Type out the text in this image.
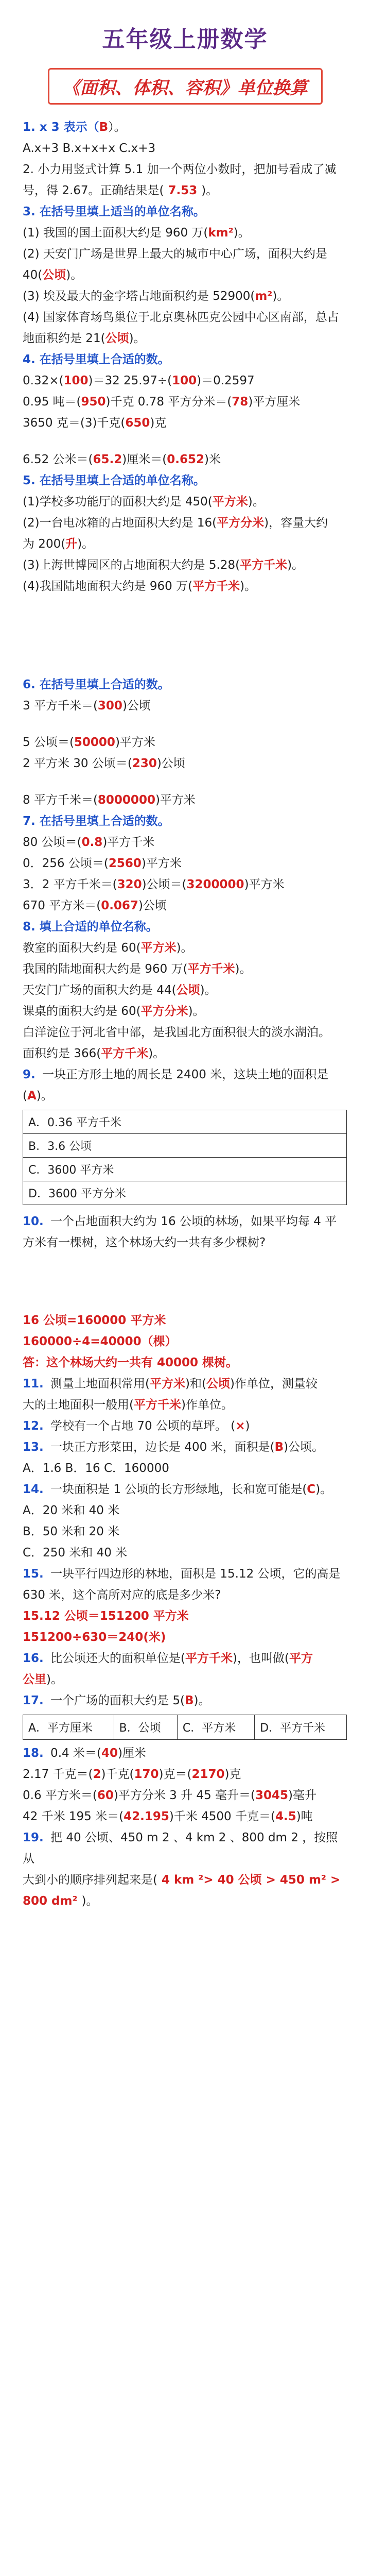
五年级上册数学
《面积、体积、容积》单位换算

1. x 3 表示（B）。

A.x+3 B.x+x+x C.x+3

2. 小力用竖式计算 5.1 加一个两位小数时，把加号看成了减

号，得 2.67。正确结果是( 7.53 )。

3. 在括号里填上适当的单位名称。

(1) 我国的国土面积大约是 960 万(km²)。

(2) 天安门广场是世界上最大的城市中心广场，面积大约是

40(公顷)。

(3) 埃及最大的金字塔占地面积约是 52900(m²)。

(4) 国家体育场鸟巢位于北京奥林匹克公园中心区南部，总占

地面积约是 21(公顷)。

4. 在括号里填上合适的数。

0.32×(100)＝32 25.97÷(100)＝0.2597

0.95 吨＝(950)千克 0.78 平方分米＝(78)平方厘米

3650 克＝(3)千克(650)克

6.52 公米＝(65.2)厘米＝(0.652)米

5. 在括号里填上合适的单位名称。

(1)学校多功能厅的面积大约是 450(平方米)。

(2)一台电冰箱的占地面积大约是 16(平方分米)，容量大约

为 200(升)。

(3)上海世博园区的占地面积大约是 5.28(平方千米)。

(4)我国陆地面积大约是 960 万(平方千米)。

6. 在括号里填上合适的数。

3 平方千米＝(300)公顷

5 公顷＝(50000)平方米

2 平方米 30 公顷＝(230)公顷

8 平方千米＝(8000000)平方米

7. 在括号里填上合适的数。

80 公顷＝(0.8)平方千米

0．256 公顷＝(2560)平方米

3．2 平方千米＝(320)公顷＝(3200000)平方米

670 平方米＝(0.067)公顷

8. 填上合适的单位名称。

教室的面积大约是 60(平方米)。

我国的陆地面积大约是 960 万(平方千米)。

天安门广场的面积大约是 44(公顷)。

课桌的面积大约是 60(平方分米)。

白洋淀位于河北省中部，是我国北方面积很大的淡水湖泊。

面积约是 366(平方千米)。

9. 一块正方形土地的周长是 2400 米，这块土地的面积是

(A)。

A．0.36 平方千米
B．3.6 公顷
C．3600 平方米
D．3600 平方分米

10. 一个占地面积大约为 16 公顷的林场，如果平均每 4 平

方米有一棵树，这个林场大约一共有多少棵树?

16 公顷=160000 平方米

160000÷4=40000（棵）

答：这个林场大约一共有 40000 棵树。

11. 测量土地面积常用(平方米)和(公顷)作单位，测量较

大的土地面积一般用(平方千米)作单位。

12. 学校有一个占地 70 公顷的草坪。 (×)

13. 一块正方形菜田，边长是 400 米，面积是(B)公顷。

A．1.6 B．16 C．160000

14. 一块面积是 1 公顷的长方形绿地，长和宽可能是(C)。

A．20 米和 40 米

B．50 米和 20 米

C．250 米和 40 米

15. 一块平行四边形的林地，面积是 15.12 公顷，它的高是

630 米，这个高所对应的底是多少米?

15.12 公顷＝151200 平方米

151200÷630＝240(米)

16. 比公顷还大的面积单位是(平方千米)，也叫做(平方

公里)。

17. 一个广场的面积大约是 5(B)。

A．平方厘米	B．公顷	C．平方米	D．平方千米

18. 0.4 米＝(40)厘米

2.17 千克＝(2)千克(170)克＝(2170)克

0.6 平方米＝(60)平方分米 3 升 45 毫升＝(3045)毫升

42 千米 195 米＝(42.195)千米 4500 千克＝(4.5)吨

19. 把 40 公顷、450 m 2 、4 km 2 、800 dm 2 ，按照从

大到小的顺序排列起来是( 4 km ²> 40 公顷 > 450 m² >

800 dm² )。
